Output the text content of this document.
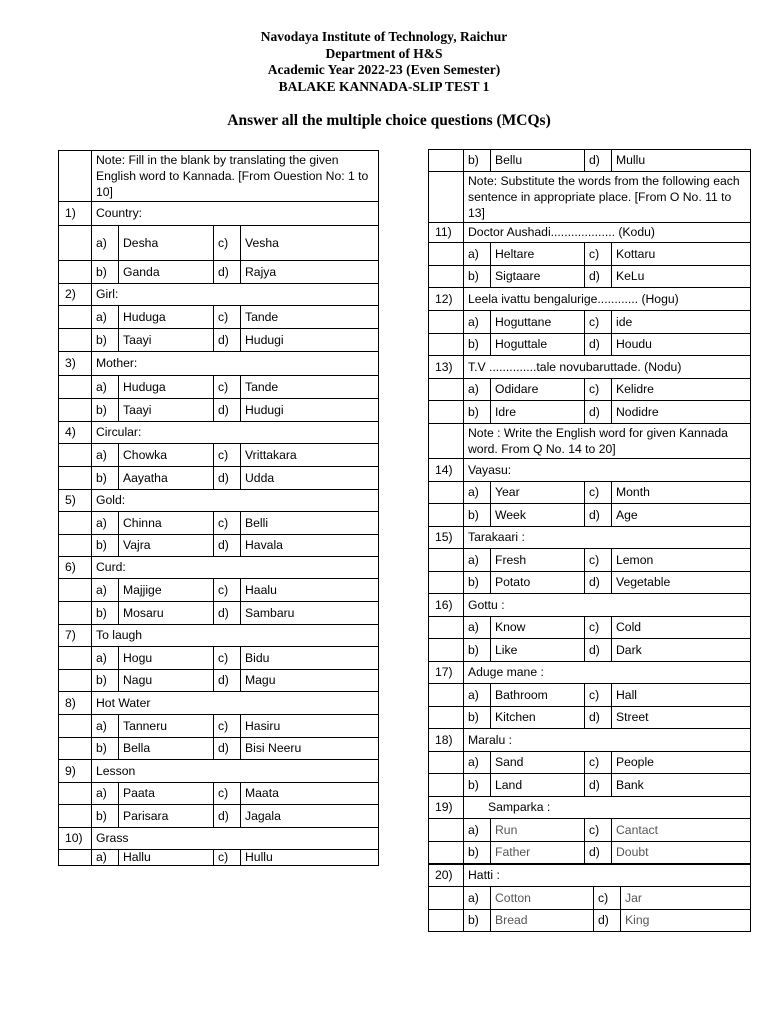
Navodaya Institute of Technology, Raichur
Department of H&S
Academic Year 2022-23 (Even Semester)
BALAKE KANNADA-SLIP TEST 1
Answer all the multiple choice questions (MCQs)
	Note: Fill in the blank by translating the given English word to Kannada. [From Ouestion No: 1 to 10]			
1)	Country:			
	a)	Desha	c)	Vesha
	b)	Ganda	d)	Rajya
2)	Girl:			
	a)	Huduga	c)	Tande
	b)	Taayi	d)	Hudugi
3)	Mother:			
	a)	Huduga	c)	Tande
	b)	Taayi	d)	Hudugi
4)	Circular:			
	a)	Chowka	c)	Vrittakara
	b)	Aayatha	d)	Udda
5)	Gold:			
	a)	Chinna	c)	Belli
	b)	Vajra	d)	Havala
6)	Curd:			
	a)	Majjige	c)	Haalu
	b)	Mosaru	d)	Sambaru
7)	To laugh			
	a)	Hogu	c)	Bidu
	b)	Nagu	d)	Magu
8)	Hot Water			
	a)	Tanneru	c)	Hasiru
	b)	Bella	d)	Bisi Neeru
9)	Lesson			
	a)	Paata	c)	Maata
	b)	Parisara	d)	Jagala
10)	Grass			
	a)	Hallu	c)	Hullu
	b)	Bellu	d)	Mullu
	Note: Substitute the words from the following each sentence in appropriate place. [From O No. 11 to 13]			
11)	Doctor Aushadi................... (Kodu)			
	a)	Heltare	c)	Kottaru
	b)	Sigtaare	d)	KeLu
12)	Leela ivattu bengalurige............ (Hogu)			
	a)	Hoguttane	c)	ide
	b)	Hoguttale	d)	Houdu
13)	T.V ..............tale novubaruttade. (Nodu)			
	a)	Odidare	c)	Kelidre
	b)	Idre	d)	Nodidre
	Note : Write the English word for given Kannada word. From Q No. 14 to 20]			
14)	Vayasu:			
	a)	Year	c)	Month
	b)	Week	d)	Age
15)	Tarakaari :			
	a)	Fresh	c)	Lemon
	b)	Potato	d)	Vegetable
16)	Gottu :			
	a)	Know	c)	Cold
	b)	Like	d)	Dark
17)	Aduge mane :			
	a)	Bathroom	c)	Hall
	b)	Kitchen	d)	Street
18)	Maralu :			
	a)	Sand	c)	People
	b)	Land	d)	Bank
19)	Samparka :			
	a)	Run	c)	Cantact
	b)	Father	d)	Doubt
20)	Hatti :			
	a)	Cotton	c)	Jar
	b)	Bread	d)	King
